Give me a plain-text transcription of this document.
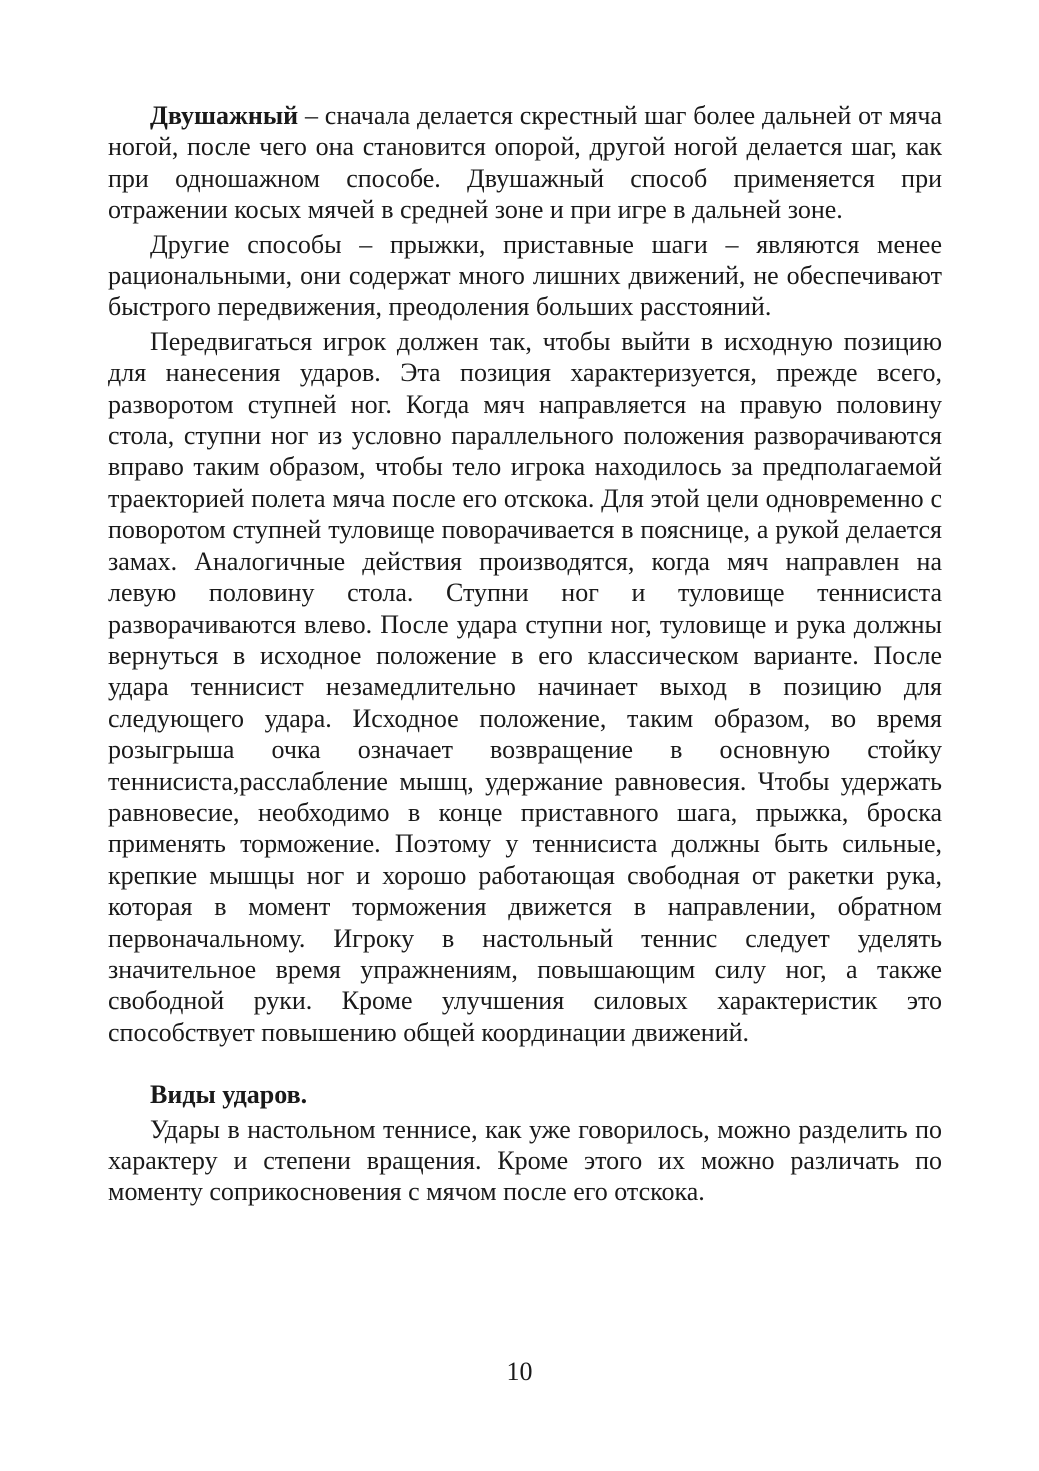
Двушажный – сначала делается скрестный шаг более дальней от мяча ногой, после чего она становится опорой, другой ногой делается шаг, как при одношажном способе. Двушажный способ применяется при отражении косых мячей в средней зоне и при игре в дальней зоне.

Другие способы – прыжки, приставные шаги – являются менее рациональными, они содержат много лишних движений, не обеспечивают быстрого передвижения, преодоления больших расстояний.

Передвигаться игрок должен так, чтобы выйти в исходную позицию для нанесения ударов. Эта позиция характеризуется, прежде всего, разворотом ступней ног. Когда мяч направляется на правую половину стола, ступни ног из условно параллельного положения разворачиваются вправо таким образом, чтобы тело игрока находилось за предполагаемой траекторией полета мяча после его отскока. Для этой цели одновременно с поворотом ступней туловище поворачивается в пояснице, а рукой делается замах. Аналогичные действия производятся, когда мяч направлен на левую половину стола. Ступни ног и туловище теннисиста разворачиваются влево. После удара ступни ног, туловище и рука должны вернуться в исходное положение в его классическом варианте. После удара теннисист незамедлительно начинает выход в позицию для следующего удара. Исходное положение, таким образом, во время розыгрыша очка означает возвращение в основную стойку теннисиста,расслабление мышц, удержание равновесия. Чтобы удержать равновесие, необходимо в конце приставного шага, прыжка, броска применять торможение. Поэтому у теннисиста должны быть сильные, крепкие мышцы ног и хорошо работающая свободная от ракетки рука, которая в момент торможения движется в направлении, обратном первоначальному. Игроку в настольный теннис следует уделять значительное время упражнениям, повышающим силу ног, а также свободной руки. Кроме улучшения силовых характеристик это способствует повышению общей координации движений.

Виды ударов.

Удары в настольном теннисе, как уже говорилось, можно разделить по характеру и степени вращения. Кроме этого их можно различать по моменту соприкосновения с мячом после его отскока.

10
